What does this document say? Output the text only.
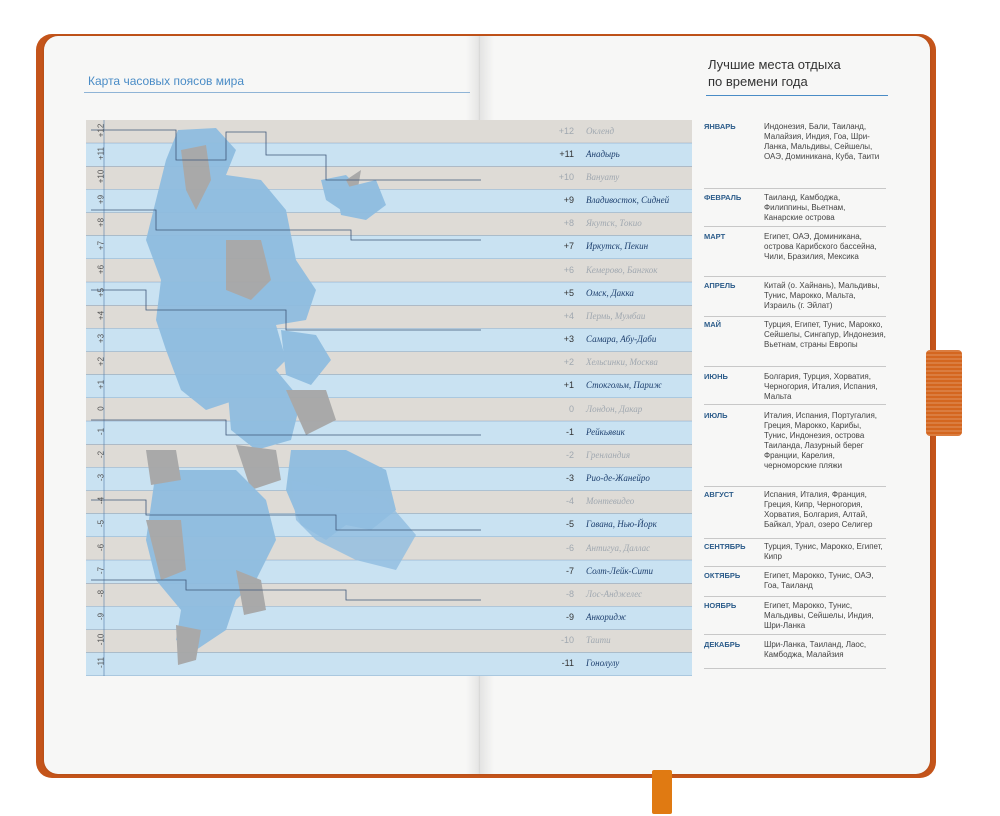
Карта часовых поясов мира
Лучшие места отдыха
по времени года
+12 Окленд
+11 Анадырь
+10 Вануату
+9 Владивосток, Сидней
+8 Якутск, Токио
+7 Иркутск, Пекин
+6 Кемерово, Бангкок
+5 Омск, Дакка
+4 Пермь, Мумбаи
+3 Самара, Абу-Даби
+2 Хельсинки, Москва
+1 Стокгольм, Париж
0 Лондон, Дакар
-1 Рейкьявик
-2 Гренландия
-3 Рио-де-Жанейро
-4 Монтевидео
-5 Гавана, Нью-Йорк
-6 Антигуа, Даллас
-7 Солт-Лейк-Сити
-8 Лос-Анджелес
-9 Анкоридж
-10 Таити
-11 Гонолулу
+12
+11
+10
+9
+8
+7
+6
+5
+4
+3
+2
+1
0
-1
-2
-3
-4
-5
-6
-7
-8
-9
-10
-11
ЯНВАРЬ	Индонезия, Бали, Таиланд, Малайзия, Индия, Гоа, Шри-Ланка, Мальдивы, Сейшелы, ОАЭ, Доминикана, Куба, Таити
ФЕВРАЛЬ	Таиланд, Камбоджа, Филиппины, Вьетнам, Канарские острова
МАРТ	Египет, ОАЭ, Доминикана, острова Карибского бассейна, Чили, Бразилия, Мексика
АПРЕЛЬ	Китай (о. Хайнань), Мальдивы, Тунис, Марокко, Мальта, Израиль (г. Эйлат)
МАЙ	Турция, Египет, Тунис, Марокко, Сейшелы, Сингапур, Индонезия, Вьетнам, страны Европы
ИЮНЬ	Болгария, Турция, Хорватия, Черногория, Италия, Испания, Мальта
ИЮЛЬ	Италия, Испания, Португалия, Греция, Марокко, Карибы, Тунис, Индонезия, острова Таиланда, Лазурный берег Франции, Карелия, черноморские пляжи
АВГУСТ	Испания, Италия, Франция, Греция, Кипр, Черногория, Хорватия, Болгария, Алтай, Байкал, Урал, озеро Селигер
СЕНТЯБРЬ Турция, Тунис, Марокко, Египет, Кипр
ОКТЯБРЬ	Египет, Марокко, Тунис, ОАЭ, Гоа, Таиланд
НОЯБРЬ	Египет, Марокко, Тунис, Мальдивы, Сейшелы, Индия, Шри-Ланка
ДЕКАБРЬ	Шри-Ланка, Таиланд, Лаос, Камбоджа, Малайзия
